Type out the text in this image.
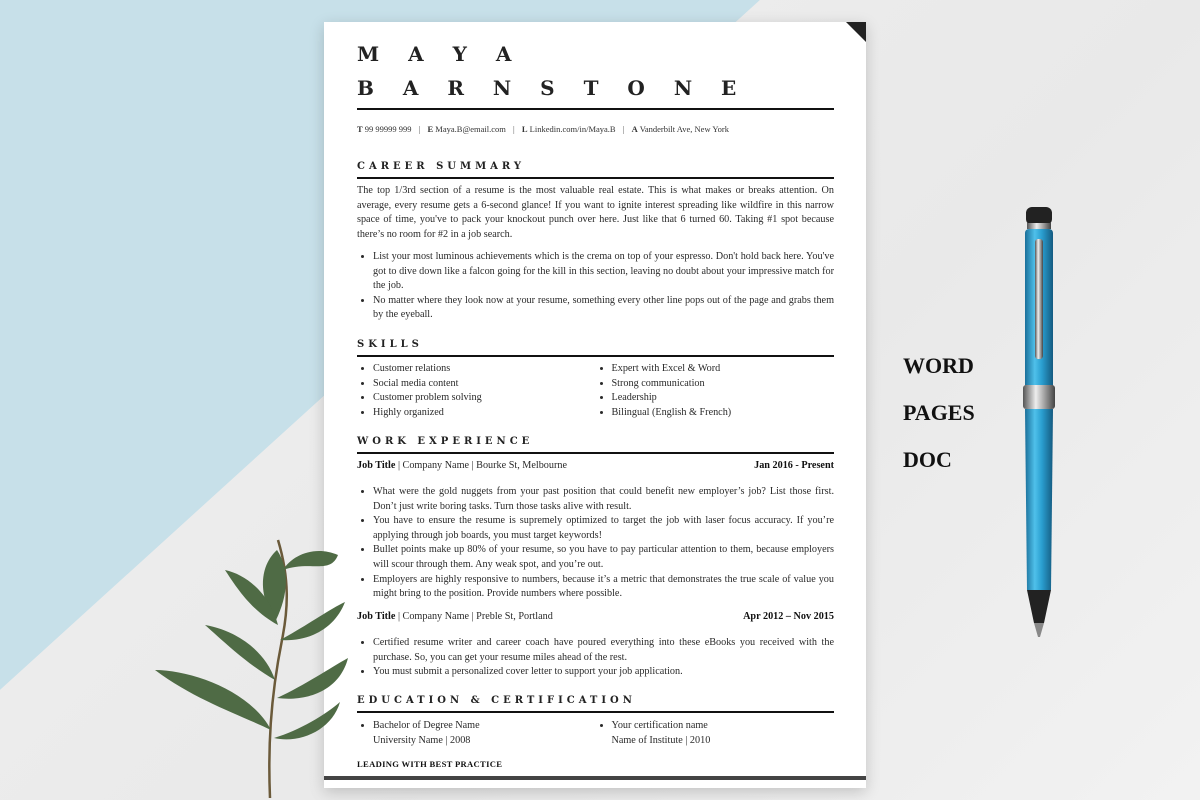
M A Y A
B A R N S T O N E
T 99 99999 999 | E Maya.B@email.com | L Linkedin.com/in/Maya.B | A Vanderbilt Ave, New York
CAREER SUMMARY
The top 1/3rd section of a resume is the most valuable real estate. This is what makes or breaks attention. On average, every resume gets a 6-second glance! If you want to ignite interest spreading like wildfire in this narrow space of time, you've to pack your knockout punch over here. Just like that 6 turned 60. Taking #1 spot because there’s no room for #2 in a job search.
• List your most luminous achievements which is the crema on top of your espresso. Don't hold back here. You've got to dive down like a falcon going for the kill in this section, leaving no doubt about your impressive match for the job.
• No matter where they look now at your resume, something every other line pops out of the page and grabs them by the eyeball.
SKILLS
• Customer relations
• Social media content
• Customer problem solving
• Highly organized
• Expert with Excel & Word
• Strong communication
• Leadership
• Bilingual (English & French)
WORK EXPERIENCE
Job Title | Company Name | Bourke St, Melbourne	Jan 2016 - Present
• What were the gold nuggets from your past position that could benefit new employer’s job? List those first. Don’t just write boring tasks. Turn those tasks alive with result.
• You have to ensure the resume is supremely optimized to target the job with laser focus accuracy. If you’re applying through job boards, you must target keywords!
• Bullet points make up 80% of your resume, so you have to pay particular attention to them, because employers will scour through them. Any weak spot, and you’re out.
• Employers are highly responsive to numbers, because it’s a metric that demonstrates the true scale of value you might bring to the position. Provide numbers where possible.
Job Title | Company Name | Preble St, Portland	Apr 2012 – Nov 2015
• Certified resume writer and career coach have poured everything into these eBooks you received with the purchase. So, you can get your resume miles ahead of the rest.
• You must submit a personalized cover letter to support your job application.
EDUCATION & CERTIFICATION
• Bachelor of Degree Name
University Name | 2008
• Your certification name
Name of Institute | 2010
LEADING WITH BEST PRACTICE
WORD
PAGES
DOC
